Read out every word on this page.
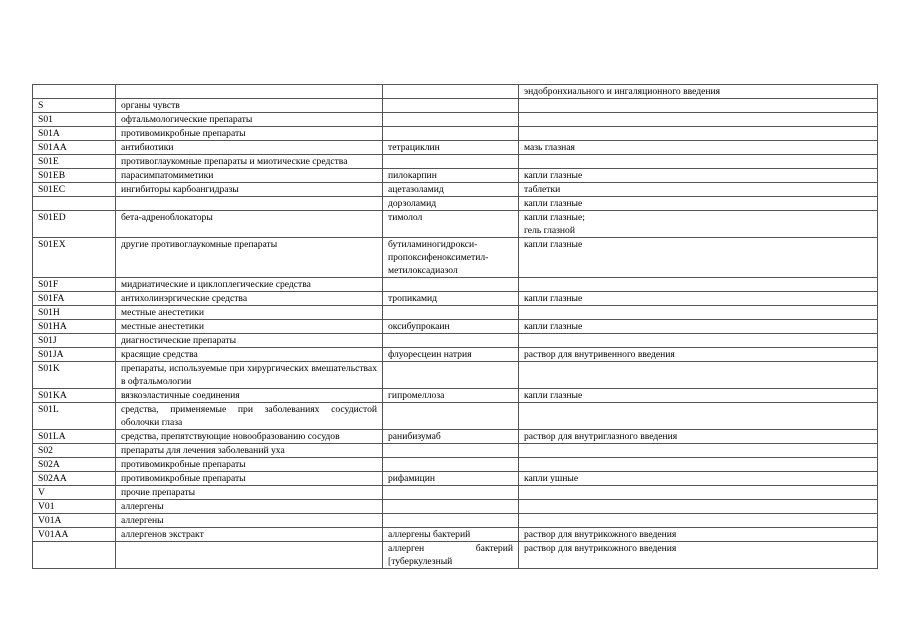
			эндобронхиального и ингаляционного введения
S	органы чувств		
S01	офтальмологические препараты		
S01A	противомикробные препараты		
S01AA	антибиотики	тетрациклин	мазь глазная
S01E	противоглаукомные препараты и миотические средства		
S01EB	парасимпатомиметики	пилокарпин	капли глазные
S01EC	ингибиторы карбоангидразы	ацетазоламид	таблетки
		дорзоламид	капли глазные
S01ED	бета-адреноблокаторы	тимолол	капли глазные;
гель глазной
S01EX	другие противоглаукомные препараты	бутиламиногидрокси-
пропоксифеноксиметил-
метилоксадиазол	капли глазные
S01F	мидриатические и циклоплегические средства		
S01FA	антихолинэргические средства	тропикамид	капли глазные
S01H	местные анестетики		
S01HA	местные анестетики	оксибупрокаин	капли глазные
S01J	диагностические препараты		
S01JA	красящие средства	флуоресцеин натрия	раствор для внутривенного введения
S01K	препараты, используемые при хирургических вмешательствах в офтальмологии		
S01KA	вязкоэластичные соединения	гипромеллоза	капли глазные
S01L	средства, применяемые при заболеваниях сосудистой оболочки глаза		
S01LA	средства, препятствующие новообразованию сосудов	ранибизумаб	раствор для внутриглазного введения
S02	препараты для лечения заболеваний уха		
S02A	противомикробные препараты		
S02AA	противомикробные препараты	рифамицин	капли ушные
V	прочие препараты		
V01	аллергены		
V01A	аллергены		
V01AA	аллергенов экстракт	аллергены бактерий	раствор для внутрикожного введения
		аллерген бактерий [туберкулезный	раствор для внутрикожного введения
